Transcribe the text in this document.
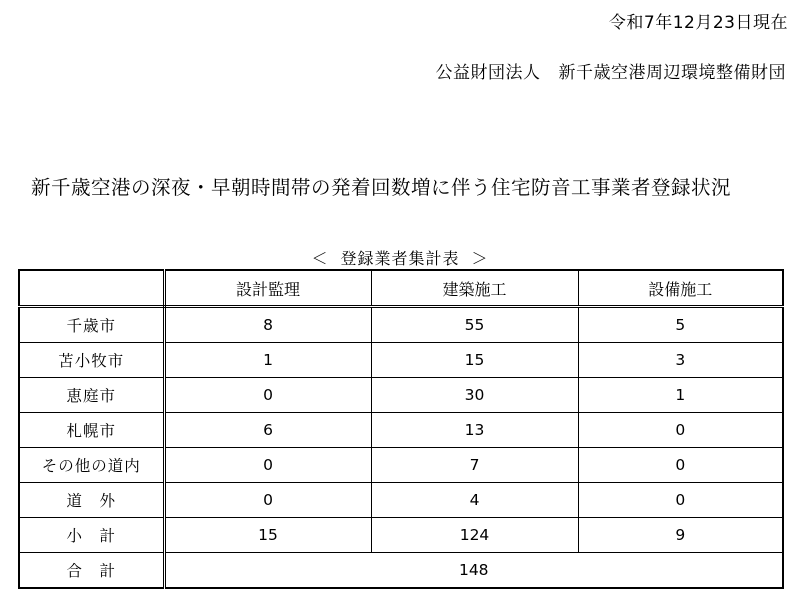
令和7年12月23日現在
公益財団法人 新千歳空港周辺環境整備財団
新千歳空港の深夜・早朝時間帯の発着回数増に伴う住宅防音工事業者登録状況
＜ 登録業者集計表 ＞
	設計監理	建築施工	設備施工
千歳市	8	55	5
苫小牧市	1	15	3
恵庭市	0	30	1
札幌市	6	13	0
その他の道内	0	7	0
道　外	0	4	0
小　計	15	124	9
合　計	148		
